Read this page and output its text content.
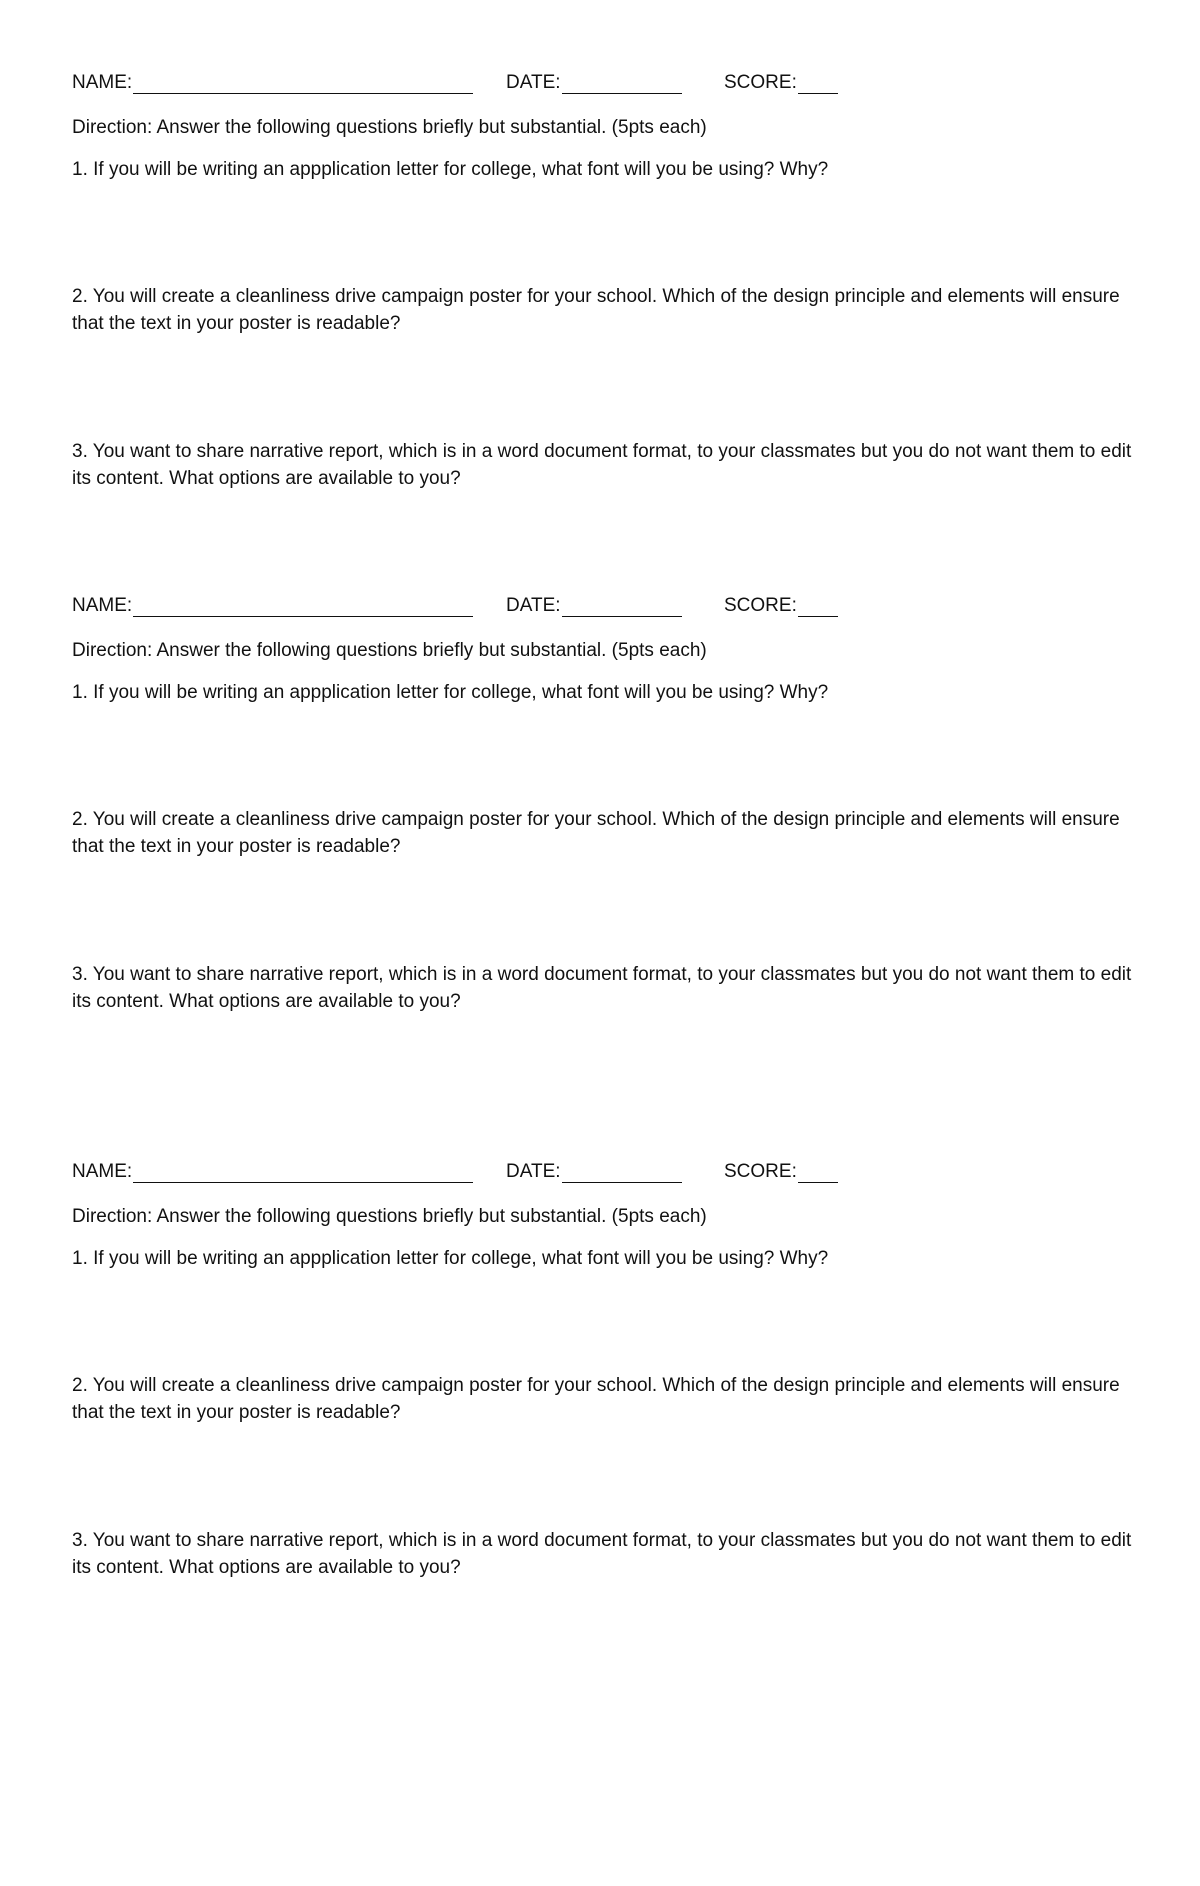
NAME:	DATE:	SCORE:

Direction: Answer the following questions briefly but substantial. (5pts each)

1. If you will be writing an appplication letter for college, what font will you be using? Why?

2. You will create a cleanliness drive campaign poster for your school. Which of the design principle and elements will ensure that the text in your poster is readable?

3. You want to share narrative report, which is in a word document format, to your classmates but you do not want them to edit its content. What options are available to you?

NAME:	DATE:	SCORE:

Direction: Answer the following questions briefly but substantial. (5pts each)

1. If you will be writing an appplication letter for college, what font will you be using? Why?

2. You will create a cleanliness drive campaign poster for your school. Which of the design principle and elements will ensure that the text in your poster is readable?

3. You want to share narrative report, which is in a word document format, to your classmates but you do not want them to edit its content. What options are available to you?

NAME:	DATE:	SCORE:

Direction: Answer the following questions briefly but substantial. (5pts each)

1. If you will be writing an appplication letter for college, what font will you be using? Why?

2. You will create a cleanliness drive campaign poster for your school. Which of the design principle and elements will ensure that the text in your poster is readable?

3. You want to share narrative report, which is in a word document format, to your classmates but you do not want them to edit its content. What options are available to you?
